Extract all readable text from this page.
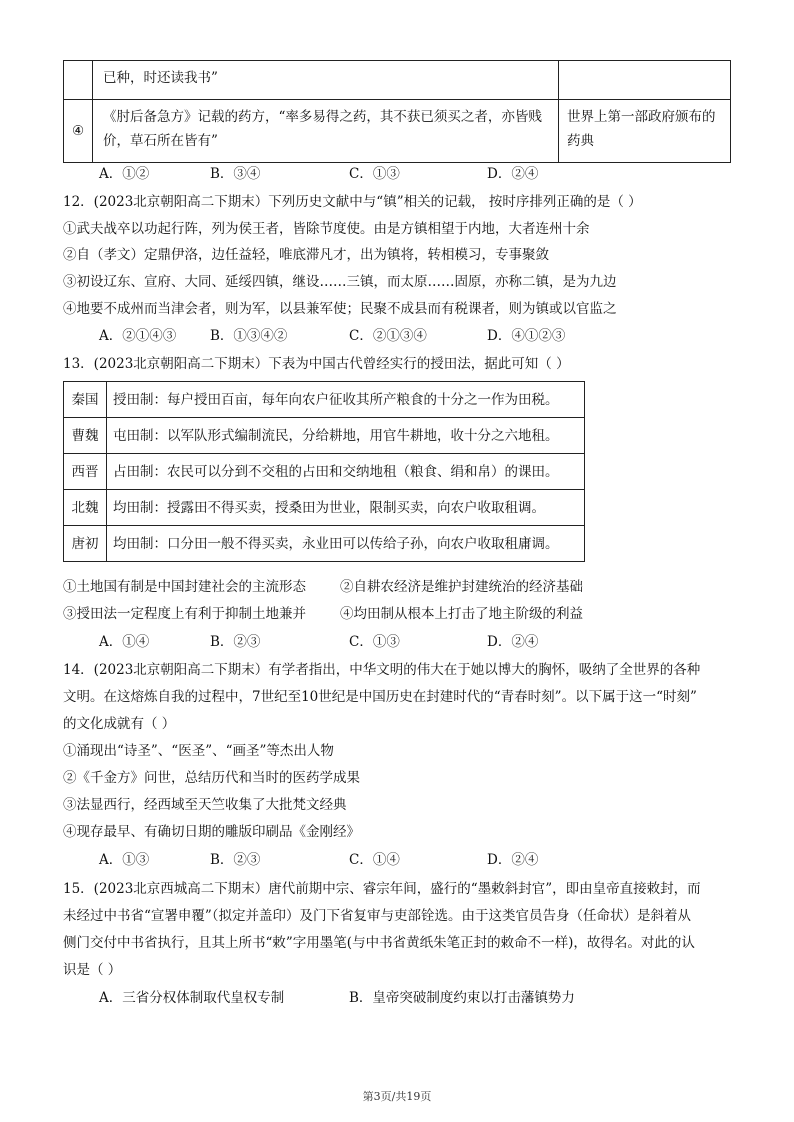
	已种，时还读我书”	
④	《肘后备急方》记载的药方，“率多易得之药，其不获已须买之者，亦皆贱价，草石所在皆有”	世界上第一部政府颁布的药典
A．①②	B．③④	C．①③	D．②④
12．(2023北京朝阳高二下期末）下列历史文献中与“镇”相关的记载， 按时序排列正确的是（ ）
①武夫战卒以功起行阵，列为侯王者，皆除节度使。由是方镇相望于内地，大者连州十余
②自（孝文）定鼎伊洛，边任益轻，唯底滞凡才，出为镇将，转相模习，专事聚敛
③初设辽东、宣府、大同、延绥四镇，继设……三镇，而太原……固原，亦称二镇，是为九边
④地要不成州而当津会者，则为军，以县兼军使；民聚不成县而有税课者，则为镇或以官监之
A．②①④③	B．①③④②	C．②①③④	D．④①②③
13．(2023北京朝阳高二下期末）下表为中国古代曾经实行的授田法，据此可知（ ）
秦国	授田制：每户授田百亩，每年向农户征收其所产粮食的十分之一作为田税。
曹魏	屯田制：以军队形式编制流民，分给耕地，用官牛耕地，收十分之六地租。
西晋	占田制：农民可以分到不交租的占田和交纳地租（粮食、绢和帛）的课田。
北魏	均田制：授露田不得买卖，授桑田为世业，限制买卖，向农户收取租调。
唐初	均田制：口分田一般不得买卖，永业田可以传给子孙，向农户收取租庸调。
①土地国有制是中国封建社会的主流形态	②自耕农经济是维护封建统治的经济基础
③授田法一定程度上有利于抑制土地兼并	④均田制从根本上打击了地主阶级的利益
A．①④	B．②③	C．①③	D．②④
14．(2023北京朝阳高二下期末）有学者指出，中华文明的伟大在于她以博大的胸怀，吸纳了全世界的各种
文明。在这熔炼自我的过程中，7世纪至10世纪是中国历史在封建时代的“青春时刻”。以下属于这一“时刻”
的文化成就有（ ）
①涌现出“诗圣”、“医圣”、“画圣”等杰出人物
②《千金方》问世，总结历代和当时的医药学成果
③法显西行，经西域至天竺收集了大批梵文经典
④现存最早、有确切日期的雕版印刷品《金刚经》
A．①③	B．②③	C．①④	D．②④
15．(2023北京西城高二下期末）唐代前期中宗、睿宗年间，盛行的“墨敕斜封官”，即由皇帝直接敕封，而
未经过中书省“宣署申覆”（拟定并盖印）及门下省复审与吏部铨选。由于这类官员告身（任命状）是斜着从
侧门交付中书省执行，且其上所书“敕”字用墨笔(与中书省黄纸朱笔正封的敕命不一样)，故得名。对此的认
识是（ ）
A．三省分权体制取代皇权专制	B．皇帝突破制度约束以打击藩镇势力
第3页/共19页
